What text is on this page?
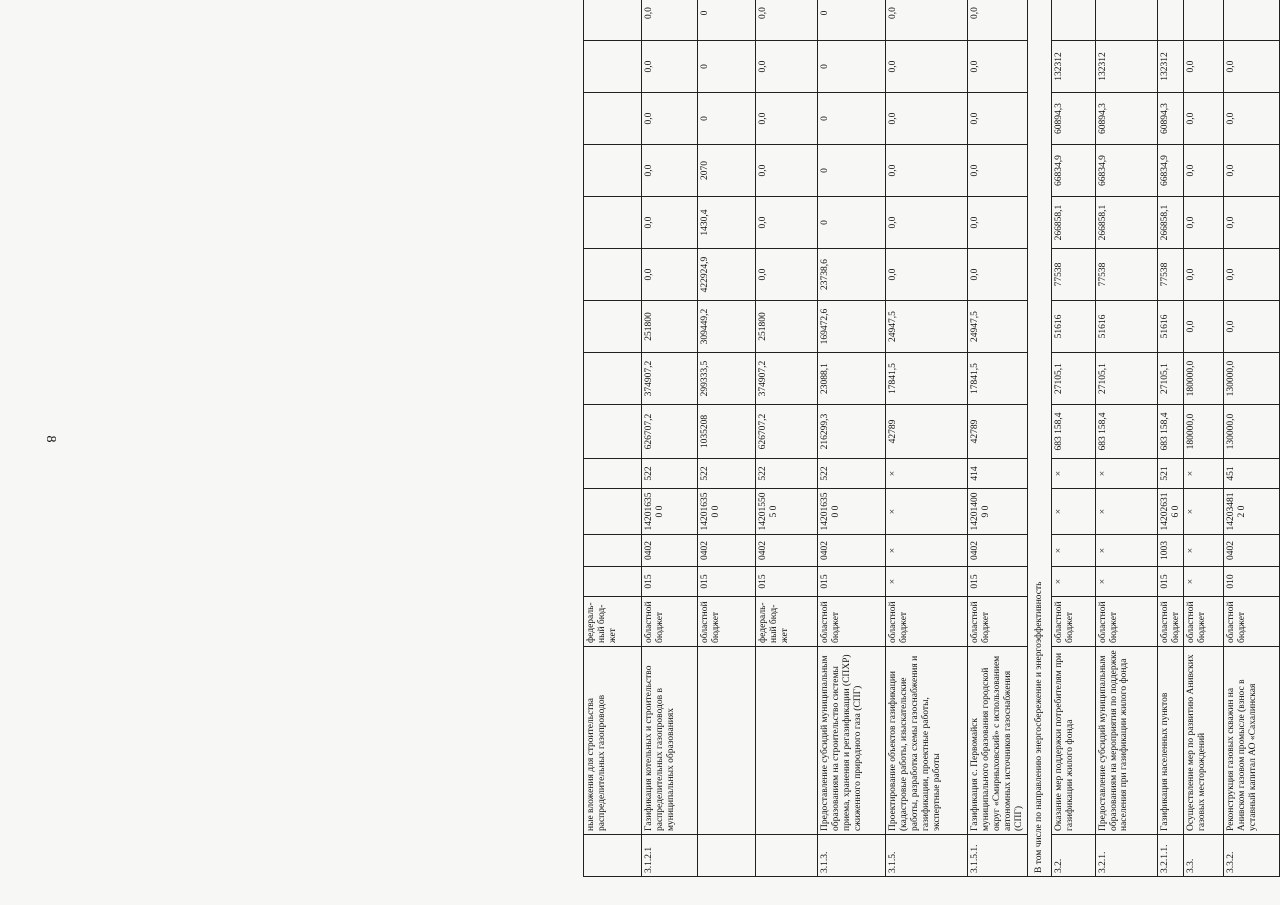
8
	ные вложения для строительства распределительных газопроводов	федераль-ный бюд-жет													
3.1.2.1	Газификация котельных и строительство распределительных газопроводов в муниципальных образованиях	областной бюджет	015	0402	142016350 0	522	626707,2	374907,2	251800	0,0	0,0	0,0	0,0	0,0	0,0
		областной бюджет	015	0402	142016350 0	522	1035208	299333,5	309449,2	422924,9	1430,4	2070	0	0	0
		федераль-ный бюд-жет	015	0402	142015505 0	522	626707,2	374907,2	251800	0,0	0,0	0,0	0,0	0,0	0,0
3.1.3.	Предоставление субсидий муниципальным образованиям на строительство системы приема, хранения и регазификации (СПХР) сжиженного природного газа (СПГ)	областной бюджет	015	0402	142016350 0	522	216299,3	23088,1	169472,6	23738,6	0	0	0	0	0
3.1.5.	Проектирование объектов газификации (кадастровые работы, изыскательские работы, разработка схемы газоснабжения и газификации, проектные работы, экспертные работы	областной бюджет	×	×	×	×	42789	17841,5	24947,5	0,0	0,0	0,0	0,0	0,0	0,0
3.1.5.1.	Газификация с. Первомайск муниципального образования городской округ «Смирныховский» с использованием автономных источников газоснабжения (СПГ)	областной бюджет	015	0402	142014009 0	414	42789	17841,5	24947,5	0,0	0,0	0,0	0,0	0,0	0,0
В том числе по направлению энергосбережение и энергоэффективность															
3.2.	Оказание мер поддержки потребителям при газификации жилого фонда	областной бюджет	×	×	×	×	683 158,4	27105,1	51616	77538	266858,1	66834,9	60894,3	132312	
3.2.1.	Предоставление субсидий муниципальным образованиям на мероприятия по поддержке населения при газификации жилого фонда	областной бюджет	×	×	×	×	683 158,4	27105,1	51616	77538	266858,1	66834,9	60894,3	132312	
3.2.1.1.	Газификация населенных пунктов	областной бюджет	015	1003	142026316 0	521	683 158,4	27105,1	51616	77538	266858,1	66834,9	60894,3	132312	
3.3.	Осуществление мер по развитию Анивских газовых месторождений	областной бюджет	×	×	×	×	180000,0	180000,0	0,0	0,0	0,0	0,0	0,0	0,0	
3.3.2.	Реконструкция газовых скважин на Анивском газовом промысле (взнос в уставный капитал АО «Сахалинская	областной бюджет	010	0402	142034812 0	451	130000,0	130000,0	0,0	0,0	0,0	0,0	0,0	0,0	
